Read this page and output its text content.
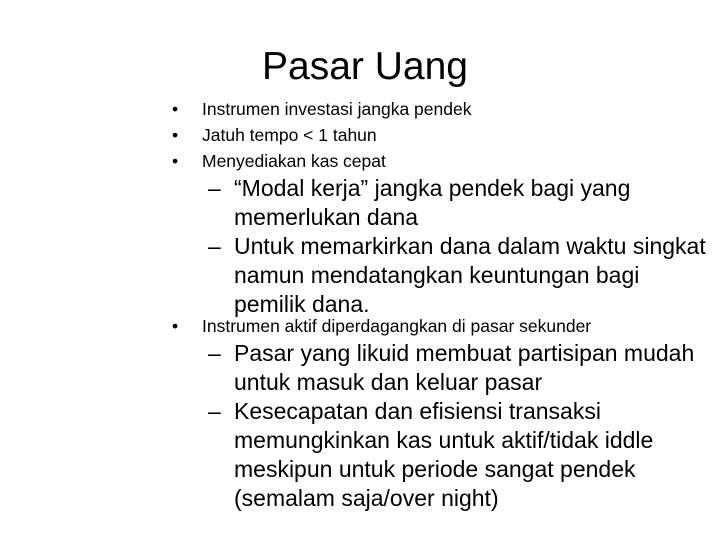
Pasar Uang
• Instrumen investasi jangka pendek
• Jatuh tempo < 1 tahun
• Menyediakan kas cepat
– “Modal kerja” jangka pendek bagi yang memerlukan dana
– Untuk memarkirkan dana dalam waktu singkat namun mendatangkan keuntungan bagi pemilik dana.
• Instrumen aktif diperdagangkan di pasar sekunder
– Pasar yang likuid membuat partisipan mudah untuk masuk dan keluar pasar
– Kesecapatan dan efisiensi transaksi memungkinkan kas untuk aktif/tidak iddle meskipun untuk periode sangat pendek (semalam saja/over night)
